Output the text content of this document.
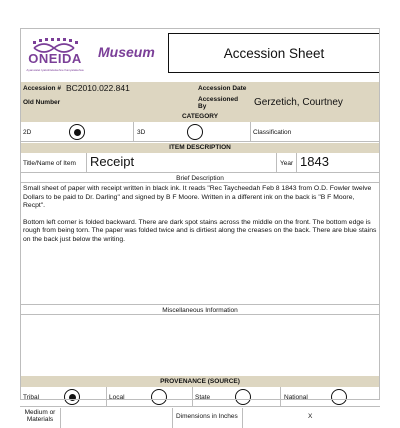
ONEIDA
Ayanwatet Iyakohlelatsehne Kanyatakehsa
Museum	Accession Sheet
Accession # BC2010.022.841	Accession Date
Old Number	Accessioned By	Gerzetich, Courtney
CATEGORY
2D	3D	Classification
ITEM DESCRIPTION
Title/Name of Item Receipt	Year 1843
Brief Description
Small sheet of paper with receipt written in black ink. It reads "Rec Taycheedah Feb 8 1843 from O.D. Fowler twelve Dollars to be paid to Dr. Darling" and signed by B F Moore. Written in a different ink on the back is "B F Moore, Recpt".
Bottom left corner is folded backward. There are dark spot stains across the middle on the front. The bottom edge is rough from being torn. The paper was folded twice and is dirtiest along the creases on the back. There are blue stains on the back just below the writing.
Miscellaneous Information
PROVENANCE (SOURCE)
Tribal	Local	State	National
Medium or Materials	Dimensions in Inches	X
